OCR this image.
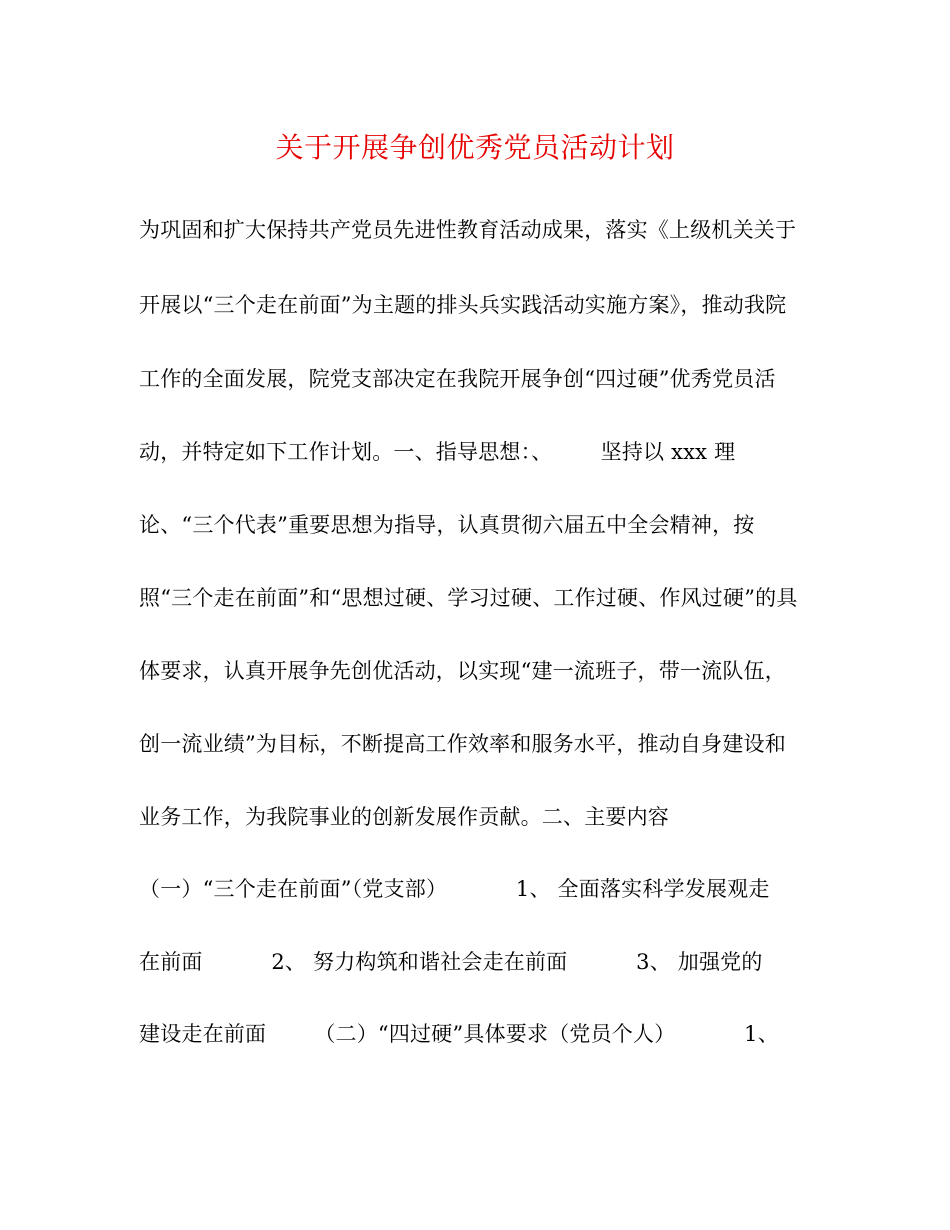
关于开展争创优秀党员活动计划
为巩固和扩大保持共产党员先进性教育活动成果，落实《上级机关关于
开展以“三个走在前面”为主题的排头兵实践活动实施方案》，推动我院
工作的全面发展，院党支部决定在我院开展争创“四过硬”优秀党员活
动，并特定如下工作计划。一、指导思想：、       坚持以 xxx 理
论、“三个代表”重要思想为指导，认真贯彻六届五中全会精神，按
照“三个走在前面”和“思想过硬、学习过硬、工作过硬、作风过硬”的具
体要求，认真开展争先创优活动，以实现“建一流班子，带一流队伍，
创一流业绩”为目标，不断提高工作效率和服务水平，推动自身建设和
业务工作，为我院事业的创新发展作贡献。二、主要内容
（一）“三个走在前面”（党支部）          1、 全面落实科学发展观走
在前面          2、 努力构筑和谐社会走在前面          3、 加强党的
建设走在前面       （二）“四过硬”具体要求（党员个人）          1、
